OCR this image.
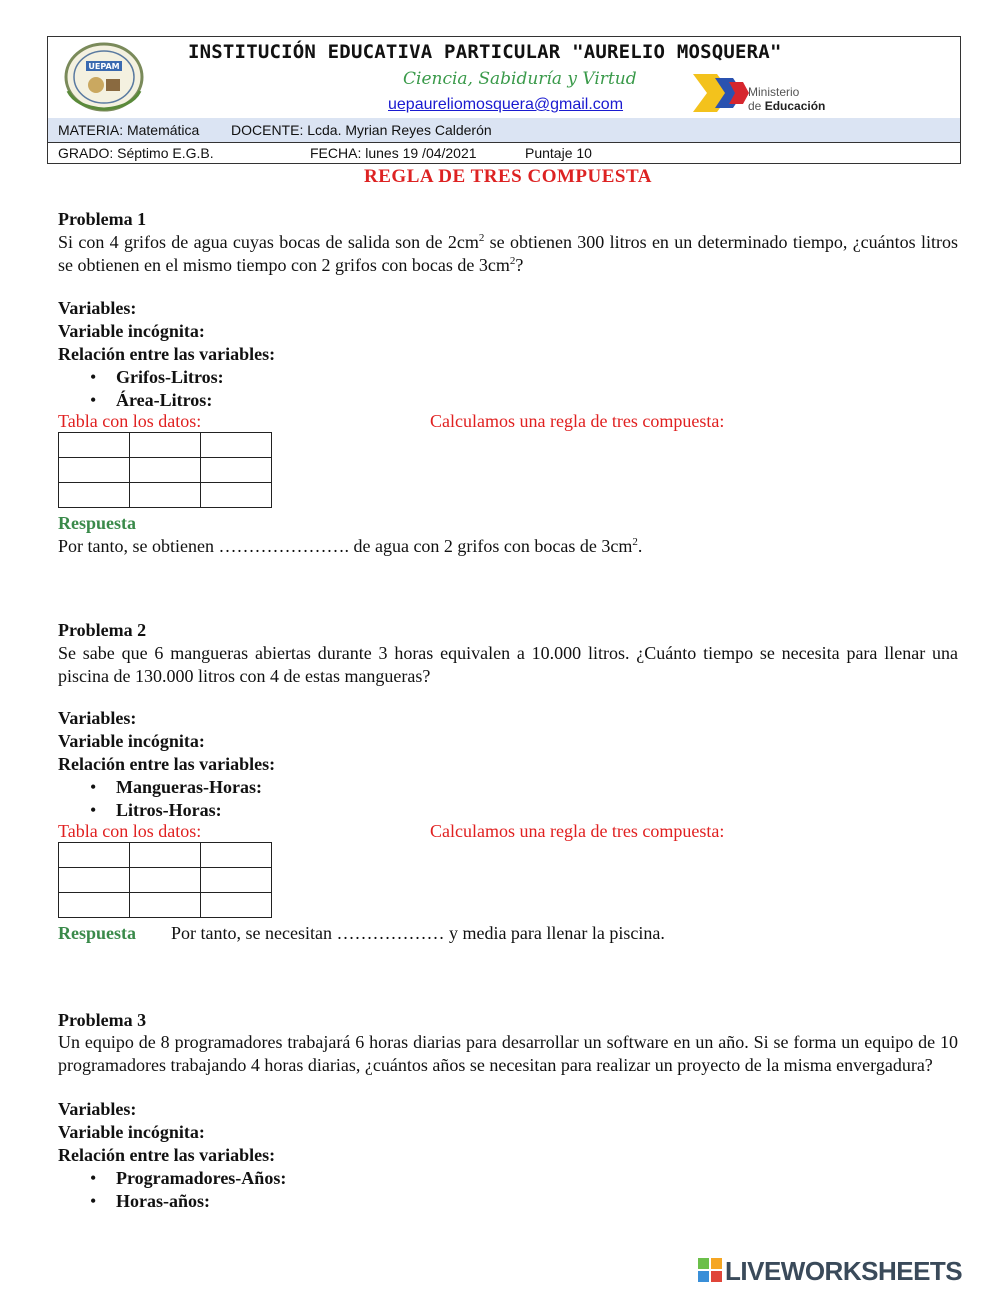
UEPAM
INSTITUCIÓN EDUCATIVA PARTICULAR "AURELIO MOSQUERA"
Ciencia, Sabiduría y Virtud
uepaureliomosquera@gmail.com
Ministerio
de Educación
MATERIA: Matemática DOCENTE: Lcda. Myrian Reyes Calderón
GRADO: Séptimo E.G.B.	FECHA: lunes 19 /04/2021	Puntaje 10
REGLA DE TRES COMPUESTA
Problema 1
Si con 4 grifos de agua cuyas bocas de salida son de $2cm^2$ se obtienen 300 litros en un determinado tiempo, ¿cuántos litros se obtienen en el mismo tiempo con 2 grifos con bocas de $3cm^2$?
Variables:
Variable incógnita:
Relación entre las variables:
• Grifos-Litros:
• Área-Litros:
Tabla con los datos:	Calculamos una regla de tres compuesta:

Respuesta
Por tanto, se obtienen …………………. de agua con 2 grifos con bocas de $3cm^2$.
Problema 2
Se sabe que 6 mangueras abiertas durante 3 horas equivalen a 10.000 litros. ¿Cuánto tiempo se necesita para llenar una piscina de 130.000 litros con 4 de estas mangueras?
Variables:
Variable incógnita:
Relación entre las variables:
• Mangueras-Horas:
• Litros-Horas:
Tabla con los datos:	Calculamos una regla de tres compuesta:

Respuesta	Por tanto, se necesitan ……………… y media para llenar la piscina.
Problema 3
Un equipo de 8 programadores trabajará 6 horas diarias para desarrollar un software en un año. Si se forma un equipo de 10 programadores trabajando 4 horas diarias, ¿cuántos años se necesitan para realizar un proyecto de la misma envergadura?
Variables:
Variable incógnita:
Relación entre las variables:
• Programadores-Años:
• Horas-años:
LIVEWORKSHEETS
